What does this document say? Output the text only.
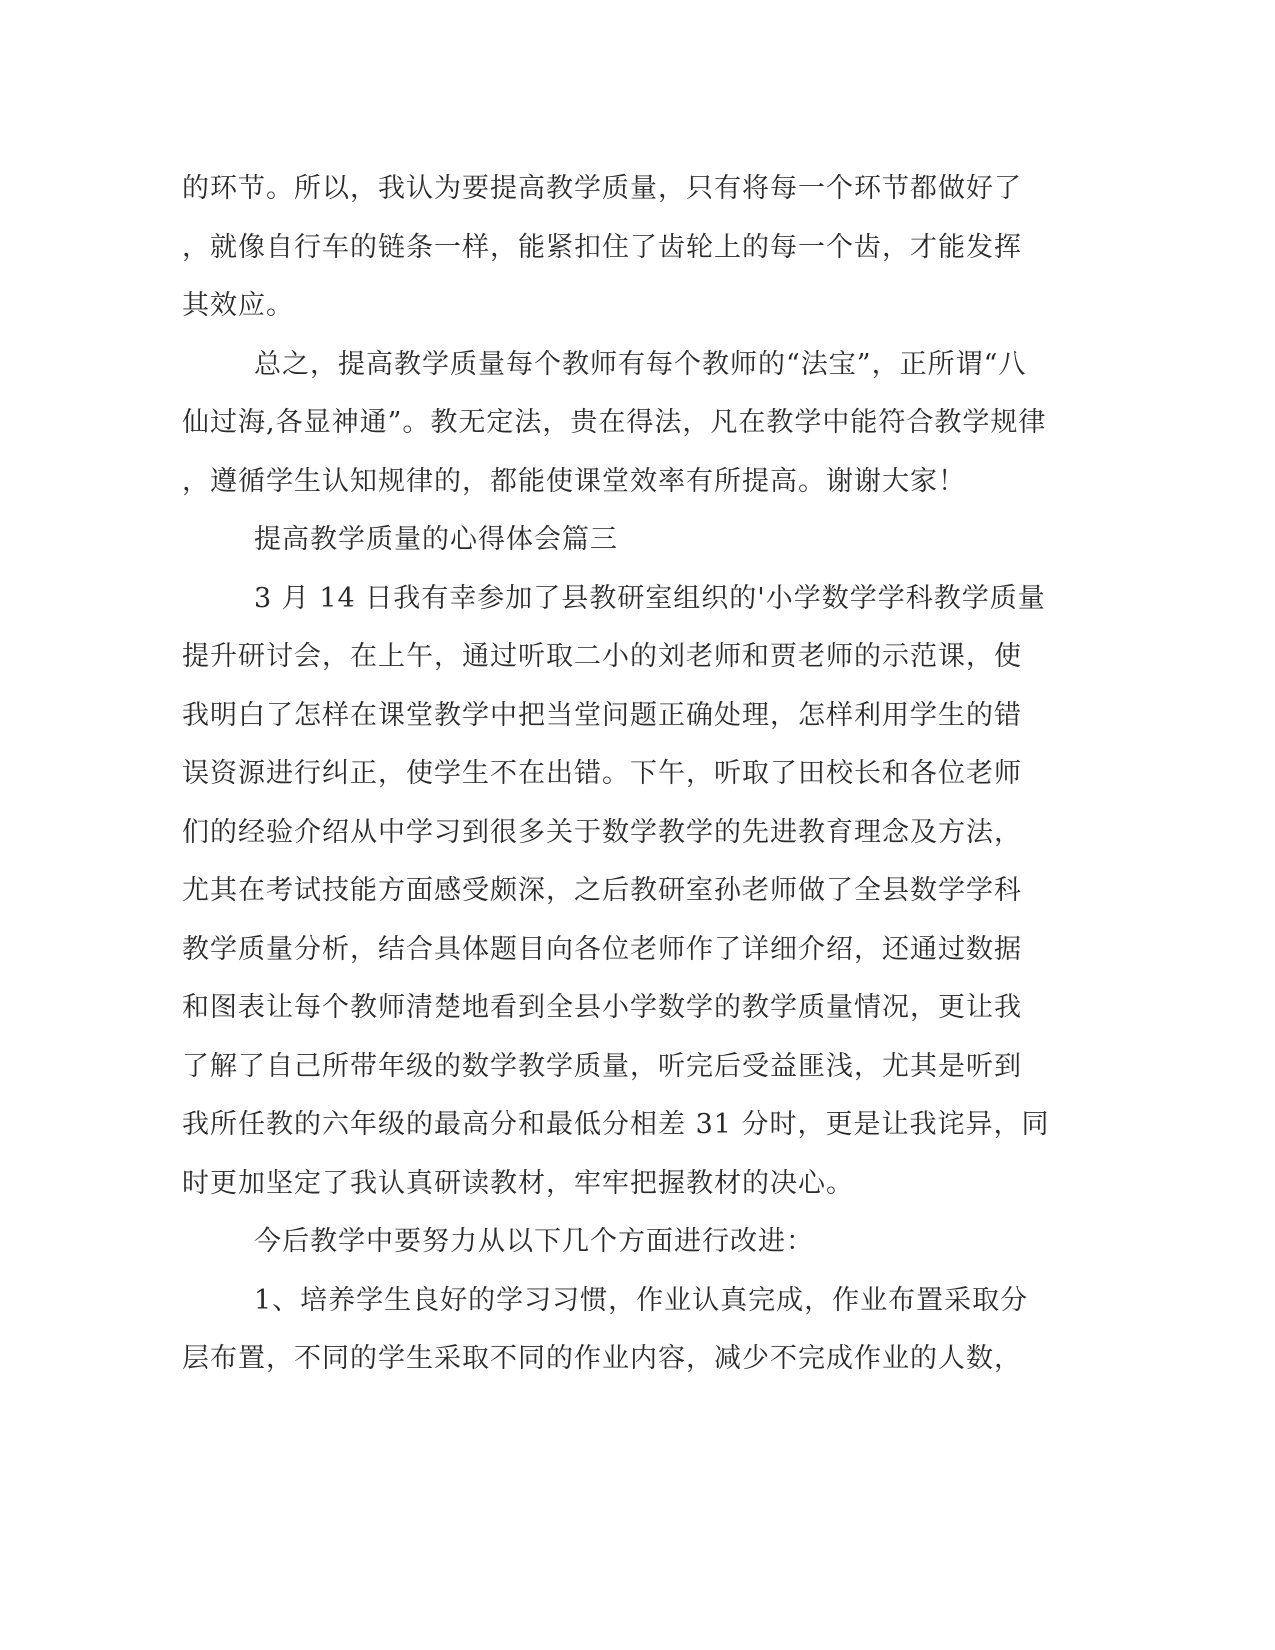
的环节。所以，我认为要提高教学质量，只有将每一个环节都做好了
，就像自行车的链条一样，能紧扣住了齿轮上的每一个齿，才能发挥
其效应。
总之，提高教学质量每个教师有每个教师的“法宝”，正所谓“八
仙过海,各显神通”。教无定法，贵在得法，凡在教学中能符合教学规律
，遵循学生认知规律的，都能使课堂效率有所提高。谢谢大家！
提高教学质量的心得体会篇三
3 月 14 日我有幸参加了县教研室组织的'小学数学学科教学质量
提升研讨会，在上午，通过听取二小的刘老师和贾老师的示范课，使
我明白了怎样在课堂教学中把当堂问题正确处理，怎样利用学生的错
误资源进行纠正，使学生不在出错。下午，听取了田校长和各位老师
们的经验介绍从中学习到很多关于数学教学的先进教育理念及方法，
尤其在考试技能方面感受颇深，之后教研室孙老师做了全县数学学科
教学质量分析，结合具体题目向各位老师作了详细介绍，还通过数据
和图表让每个教师清楚地看到全县小学数学的教学质量情况，更让我
了解了自己所带年级的数学教学质量，听完后受益匪浅，尤其是听到
我所任教的六年级的最高分和最低分相差 31 分时，更是让我诧异，同
时更加坚定了我认真研读教材，牢牢把握教材的决心。
今后教学中要努力从以下几个方面进行改进：
1、培养学生良好的学习习惯，作业认真完成，作业布置采取分
层布置，不同的学生采取不同的作业内容，减少不完成作业的人数，
